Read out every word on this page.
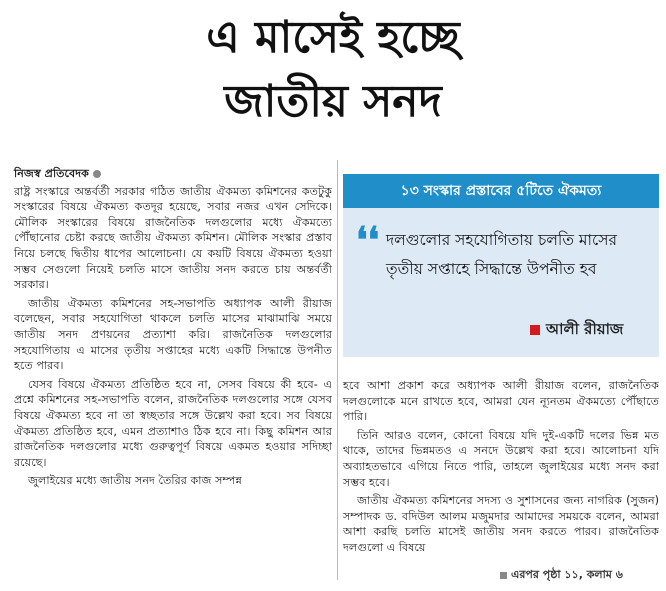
এ মাসেই হচ্ছে
জাতীয় সনদ
নিজস্ব প্রতিবেদক

রাষ্ট্র সংস্কারে অন্তর্বর্তী সরকার গঠিত জাতীয় ঐকমত্য কমিশনের কতটুকু সংস্কারের বিষয়ে ঐকমত্য কতদূর হয়েছে, সবার নজর এখন সেদিকে। মৌলিক সংস্কারের বিষয়ে রাজনৈতিক দলগুলোর মধ্যে ঐকমত্যে পৌঁছানোর চেষ্টা করছে জাতীয় ঐকমত্য কমিশন। মৌলিক সংস্কার প্রস্তাব নিয়ে চলছে দ্বিতীয় ধাপের আলোচনা। যে কয়টি বিষয়ে ঐকমত্য হওয়া সম্ভব সেগুলো নিয়েই চলতি মাসে জাতীয় সনদ করতে চায় অন্তর্বর্তী সরকার।

জাতীয় ঐকমত্য কমিশনের সহ-সভাপতি অধ্যাপক আলী রীয়াজ বলেছেন, সবার সহযোগিতা থাকলে চলতি মাসের মাঝামাঝি সময়ে জাতীয় সনদ প্রণয়নের প্রত্যাশা করি। রাজনৈতিক দলগুলোর সহযোগিতায় এ মাসের তৃতীয় সপ্তাহের মধ্যে একটি সিদ্ধান্তে উপনীত হতে পারব।

যেসব বিষয়ে ঐকমত্য প্রতিষ্ঠিত হবে না, সেসব বিষয়ে কী হবে- এ প্রশ্নে কমিশনের সহ-সভাপতি বলেন, রাজনৈতিক দলগুলোর সঙ্গে যেসব বিষয়ে ঐকমত্য হবে না তা স্বচ্ছতার সঙ্গে উল্লেখ করা হবে। সব বিষয়ে ঐকমত্য প্রতিষ্ঠিত হবে, এমন প্রত্যাশাও ঠিক হবে না। কিছু কমিশন আর রাজনৈতিক দলগুলোর মধ্যে গুরুত্বপূর্ণ বিষয়ে একমত হওয়ার সদিচ্ছা রয়েছে।

জুলাইয়ের মধ্যে জাতীয় সনদ তৈরির কাজ সম্পন্ন

১৩ সংস্কার প্রস্তাবের ৫টিতে ঐকমত্য
❛❛ দলগুলোর সহযোগিতায় চলতি মাসের তৃতীয় সপ্তাহে সিদ্ধান্তে উপনীত হব
আলী রীয়াজ

হবে আশা প্রকাশ করে অধ্যাপক আলী রীয়াজ বলেন, রাজনৈতিক দলগুলোকে মনে রাখতে হবে, আমরা যেন ন্যূনতম ঐকমত্যে পৌঁছাতে পারি।

তিনি আরও বলেন, কোনো বিষয়ে যদি দুই-একটি দলের ভিন্ন মত থাকে, তাদের ভিন্নমতও এ সনদে উল্লেখ করা হবে। আলোচনা যদি অব্যাহতভাবে এগিয়ে নিতে পারি, তাহলে জুলাইয়ের মধ্যে সনদ করা সম্ভব হবে।

জাতীয় ঐকমত্য কমিশনের সদস্য ও সুশাসনের জন্য নাগরিক (সুজন) সম্পাদক ড. বদিউল আলম মজুমদার আমাদের সময়কে বলেন, আমরা আশা করছি চলতি মাসেই জাতীয় সনদ করতে পারব। রাজনৈতিক দলগুলো এ বিষয়ে

এরপর পৃষ্ঠা ১১, কলাম ৬
